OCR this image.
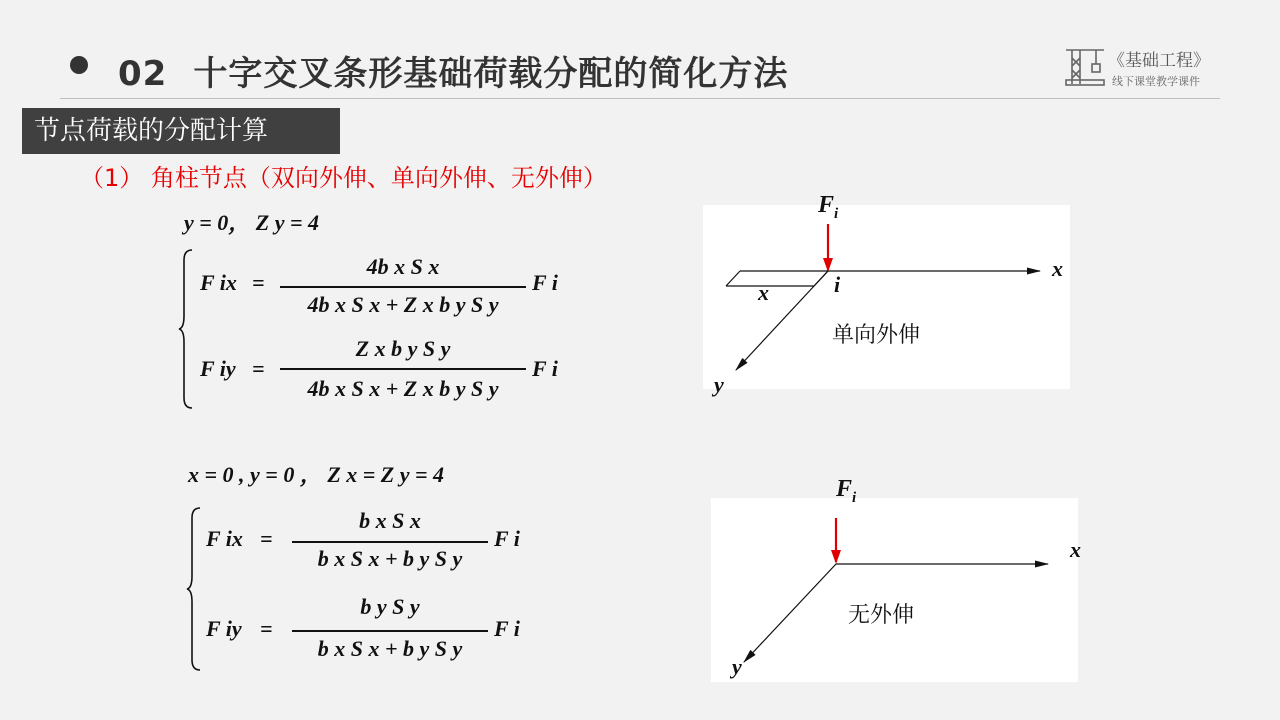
02 十字交叉条形基础荷载分配的简化方法	《基础工程》
线下课堂教学课件
节点荷载的分配计算
（1） 角柱节点（双向外伸、单向外伸、无外伸）
y = 0， Z y = 4
F ix =
4b x S x
4b x S x + Z x b y S y
F i
F iy =
Z x b y S y
4b x S x + Z x b y S y
F i
x = 0 , y = 0 ， Z x = Z y = 4
F ix =
b x S x
b x S x + b y S y
F i
F iy =
b y S y
b x S x + b y S y
F i
$F_i$
i
x
x
y
单向外伸
$F_i$
x
y
无外伸
